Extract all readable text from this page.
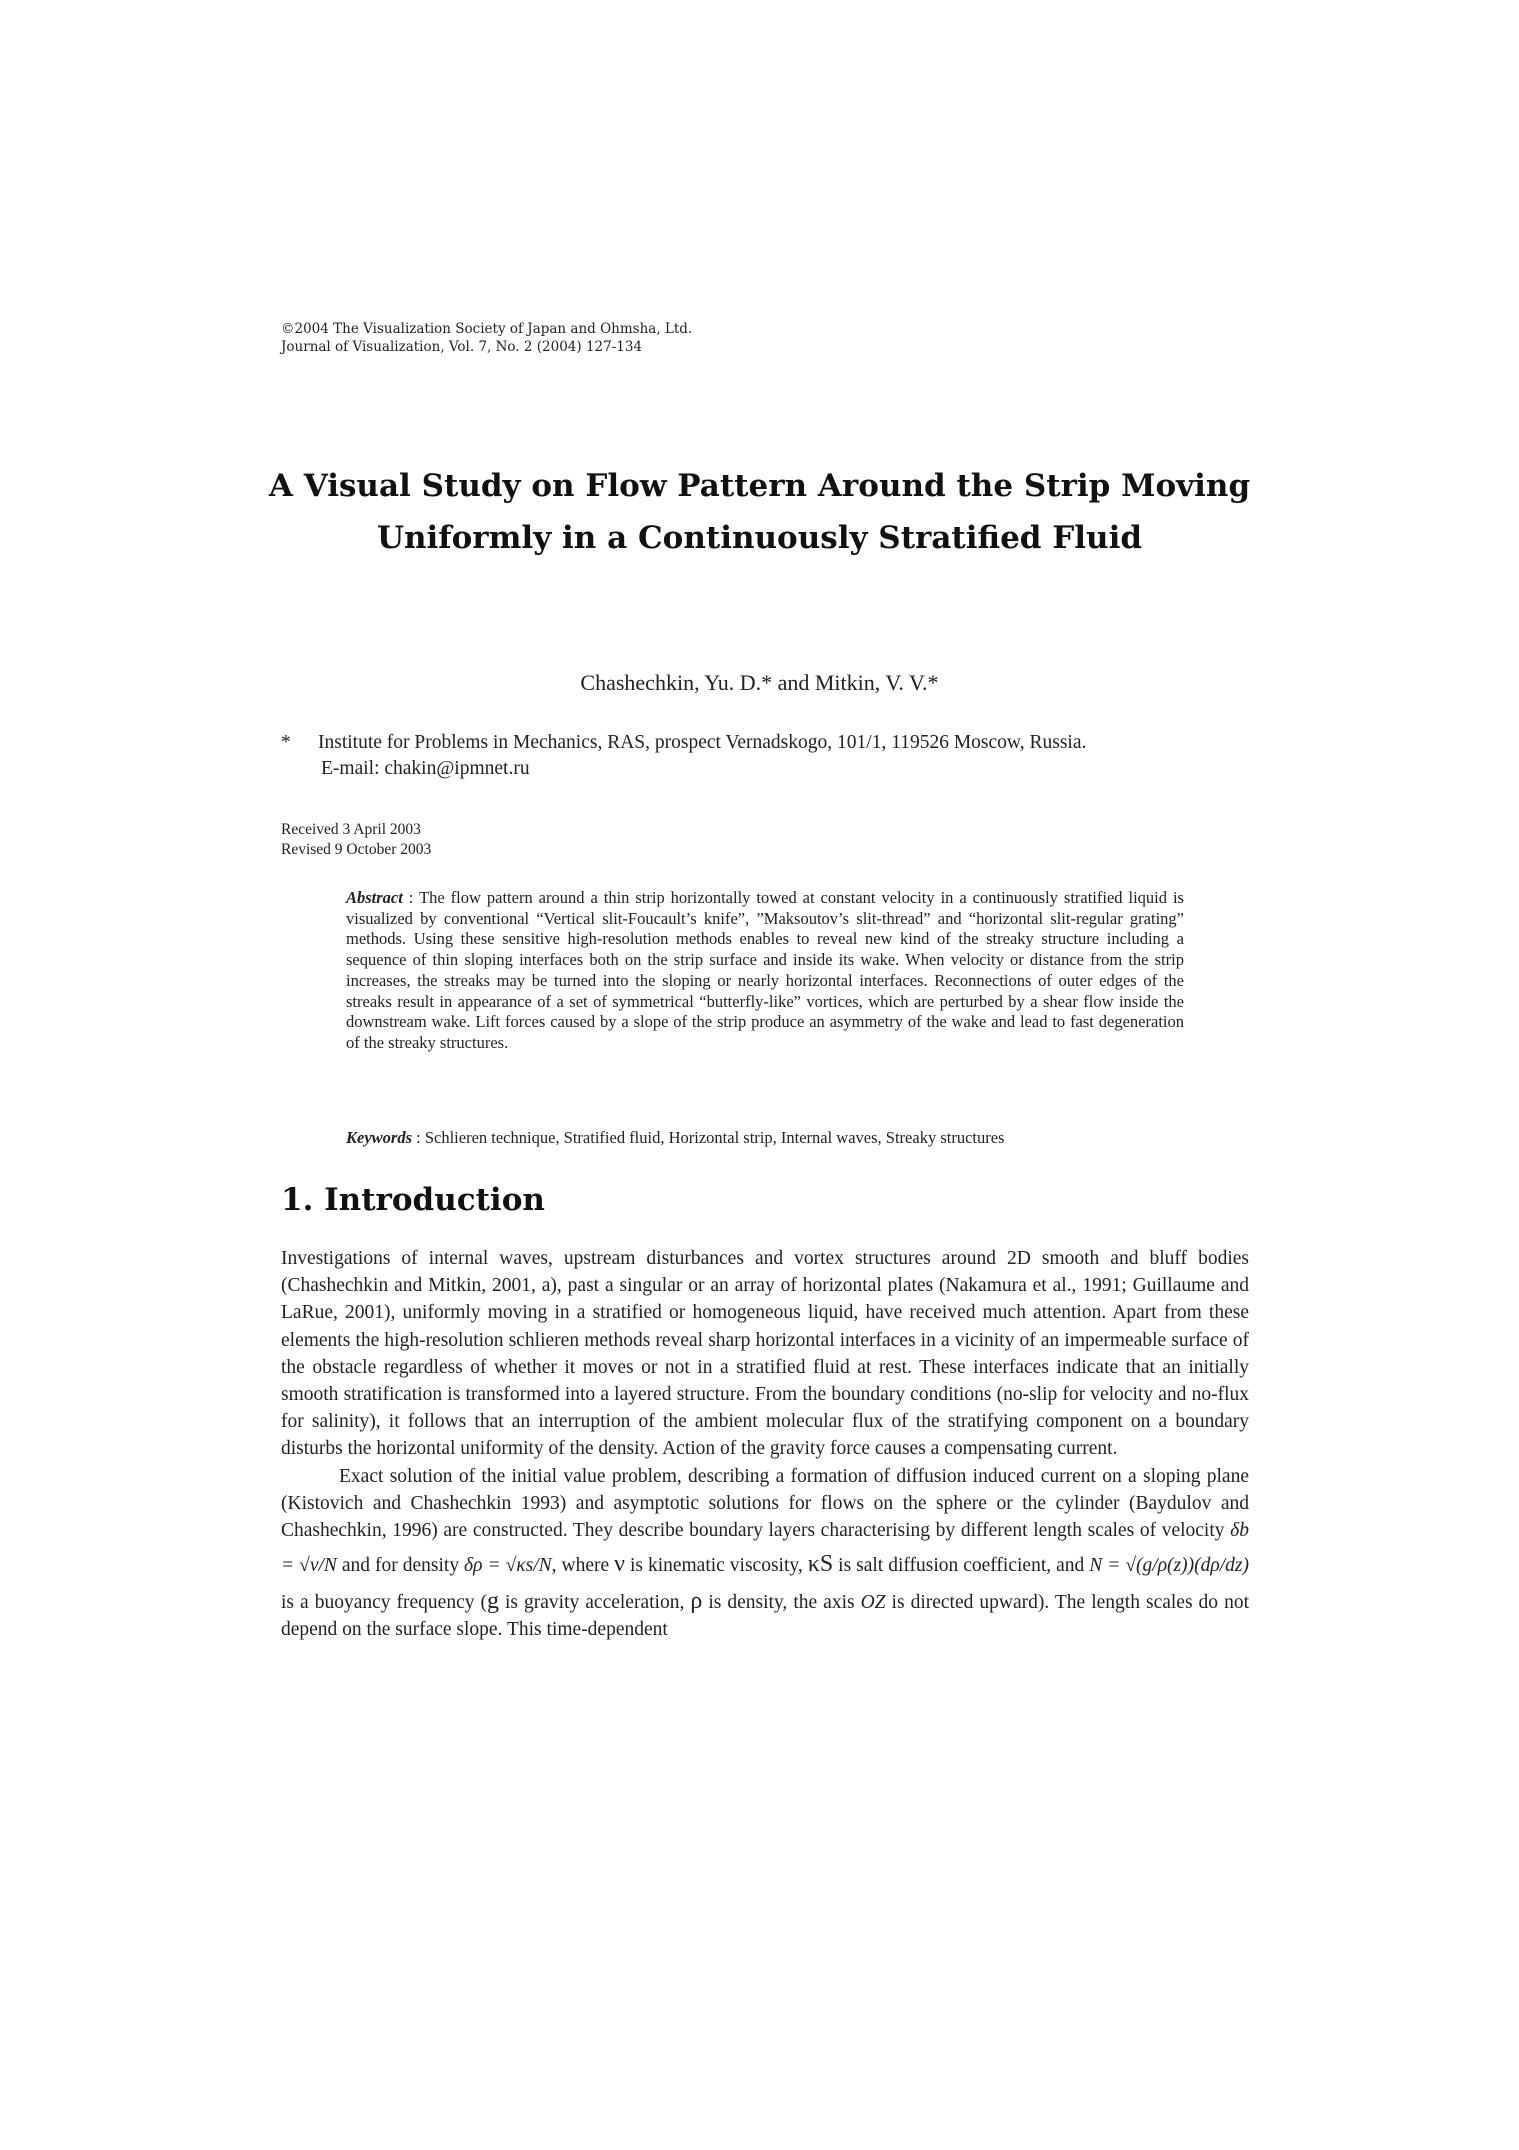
©2004 The Visualization Society of Japan and Ohmsha, Ltd.
Journal of Visualization, Vol. 7, No. 2 (2004) 127-134
A Visual Study on Flow Pattern Around the Strip Moving
Uniformly in a Continuously Stratified Fluid
Chashechkin, Yu. D.* and Mitkin, V. V.*
* Institute for Problems in Mechanics, RAS, prospect Vernadskogo, 101/1, 119526 Moscow, Russia.
E-mail: chakin@ipmnet.ru
Received 3 April 2003
Revised 9 October 2003
Abstract : The flow pattern around a thin strip horizontally towed at constant velocity in a continuously stratified liquid is visualized by conventional “Vertical slit-Foucault’s knife”, ”Maksoutov’s slit-thread” and “horizontal slit-regular grating” methods. Using these sensitive high-resolution methods enables to reveal new kind of the streaky structure including a sequence of thin sloping interfaces both on the strip surface and inside its wake. When velocity or distance from the strip increases, the streaks may be turned into the sloping or nearly horizontal interfaces. Reconnections of outer edges of the streaks result in appearance of a set of symmetrical “butterfly-like” vortices, which are perturbed by a shear flow inside the downstream wake. Lift forces caused by a slope of the strip produce an asymmetry of the wake and lead to fast degeneration of the streaky structures.
Keywords : Schlieren technique, Stratified fluid, Horizontal strip, Internal waves, Streaky structures
1. Introduction

Investigations of internal waves, upstream disturbances and vortex structures around 2D smooth and bluff bodies (Chashechkin and Mitkin, 2001, a), past a singular or an array of horizontal plates (Nakamura et al., 1991; Guillaume and LaRue, 2001), uniformly moving in a stratified or homogeneous liquid, have received much attention. Apart from these elements the high-resolution schlieren methods reveal sharp horizontal interfaces in a vicinity of an impermeable surface of the obstacle regardless of whether it moves or not in a stratified fluid at rest. These interfaces indicate that an initially smooth stratification is transformed into a layered structure. From the boundary conditions (no-slip for velocity and no-flux for salinity), it follows that an interruption of the ambient molecular flux of the stratifying component on a boundary disturbs the horizontal uniformity of the density. Action of the gravity force causes a compensating current.

Exact solution of the initial value problem, describing a formation of diffusion induced current on a sloping plane (Kistovich and Chashechkin 1993) and asymptotic solutions for flows on the sphere or the cylinder (Baydulov and Chashechkin, 1996) are constructed. They describe boundary layers characterising by different length scales of velocity δb = √ν/N and for density δρ = √κs/N, where ν is kinematic viscosity, κS is salt diffusion coefficient, and N = √(g/ρ(z))(dρ/dz) is a buoyancy frequency (g is gravity acceleration, ρ is density, the axis OZ is directed upward). The length scales do not depend on the surface slope. This time-dependent
